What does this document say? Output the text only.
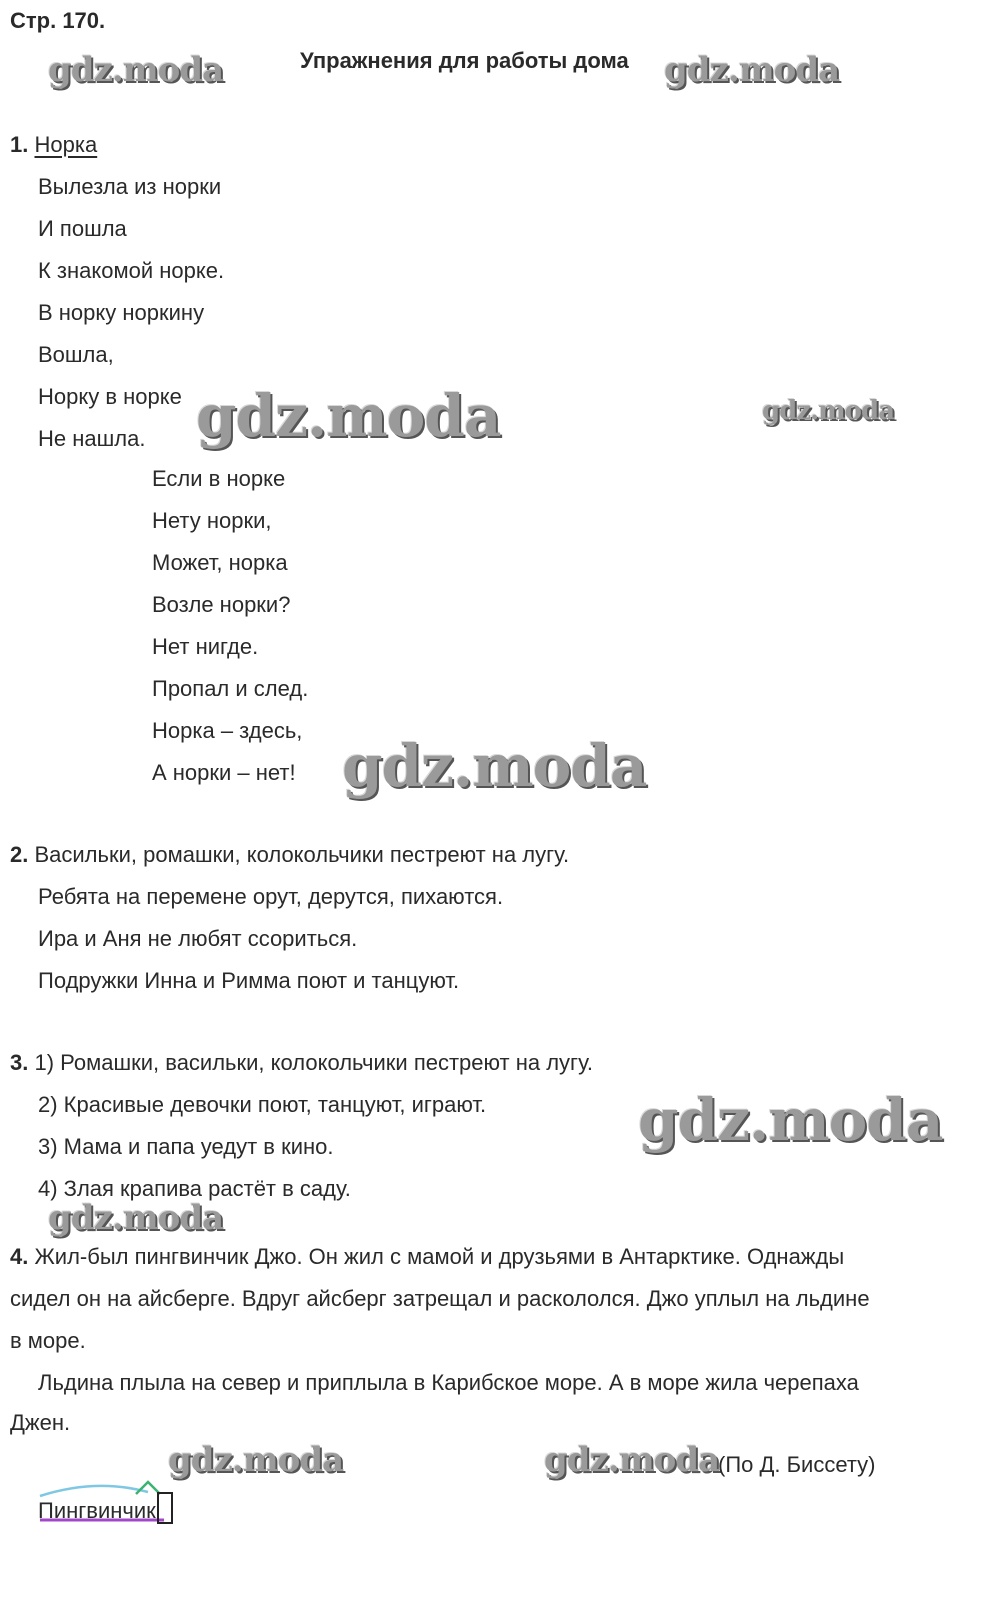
Стр. 170.
Упражнения для работы дома
gdz.moda	gdz.moda
gdz.moda	gdz.moda
gdz.moda
gdz.moda
gdz.moda
gdz.moda	gdz.moda
1. Норка
Вылезла из норки
И пошла
К знакомой норке.
В норку норкину
Вошла,
Норку в норке
Не нашла.
Если в норке
Нету норки,
Может, норка
Возле норки?
Нет нигде.
Пропал и след.
Норка – здесь,
А норки – нет!
2. Васильки, ромашки, колокольчики пестреют на лугу.
Ребята на перемене орут, дерутся, пихаются.
Ира и Аня не любят ссориться.
Подружки Инна и Римма поют и танцуют.
3. 1) Ромашки, васильки, колокольчики пестреют на лугу.
2) Красивые девочки поют, танцуют, играют.
3) Мама и папа уедут в кино.
4) Злая крапива растёт в саду.
4. Жил-был пингвинчик Джо. Он жил с мамой и друзьями в Антарктике. Однажды
сидел он на айсберге. Вдруг айсберг затрещал и раскололся. Джо уплыл на льдине
в море.
Льдина плыла на север и приплыла в Карибское море. А в море жила черепаха
Джен.
(По Д. Биссету)
Пингвинчик
